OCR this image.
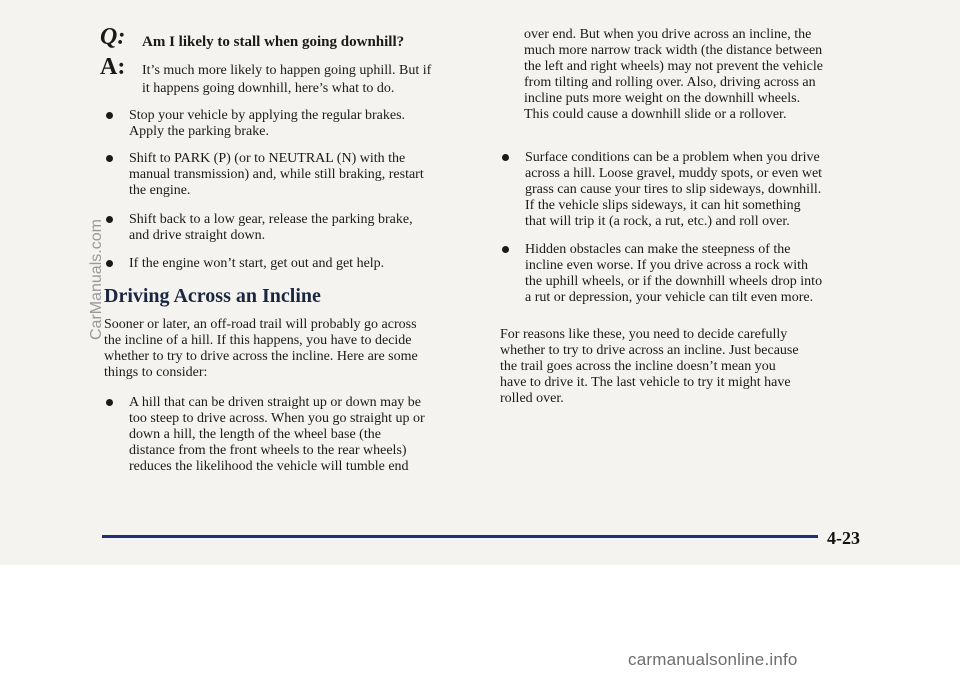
Q: Am I likely to stall when going downhill?
A: It’s much more likely to happen going uphill. But if
it happens going downhill, here’s what to do.
Stop your vehicle by applying the regular brakes.
Apply the parking brake.
Shift to PARK (P) (or to NEUTRAL (N) with the
manual transmission) and, while still braking, restart
the engine.
Shift back to a low gear, release the parking brake,
and drive straight down.
If the engine won’t start, get out and get help.
Driving Across an Incline
Sooner or later, an off-road trail will probably go across
the incline of a hill. If this happens, you have to decide
whether to try to drive across the incline. Here are some
things to consider:
A hill that can be driven straight up or down may be
too steep to drive across. When you go straight up or
down a hill, the length of the wheel base (the
distance from the front wheels to the rear wheels)
reduces the likelihood the vehicle will tumble end
over end. But when you drive across an incline, the
much more narrow track width (the distance between
the left and right wheels) may not prevent the vehicle
from tilting and rolling over. Also, driving across an
incline puts more weight on the downhill wheels.
This could cause a downhill slide or a rollover.
Surface conditions can be a problem when you drive
across a hill. Loose gravel, muddy spots, or even wet
grass can cause your tires to slip sideways, downhill.
If the vehicle slips sideways, it can hit something
that will trip it (a rock, a rut, etc.) and roll over.
Hidden obstacles can make the steepness of the
incline even worse. If you drive across a rock with
the uphill wheels, or if the downhill wheels drop into
a rut or depression, your vehicle can tilt even more.
For reasons like these, you need to decide carefully
whether to try to drive across an incline. Just because
the trail goes across the incline doesn’t mean you
have to drive it. The last vehicle to try it might have
rolled over.
4-23
CarManuals.com
carmanualsonline.info
